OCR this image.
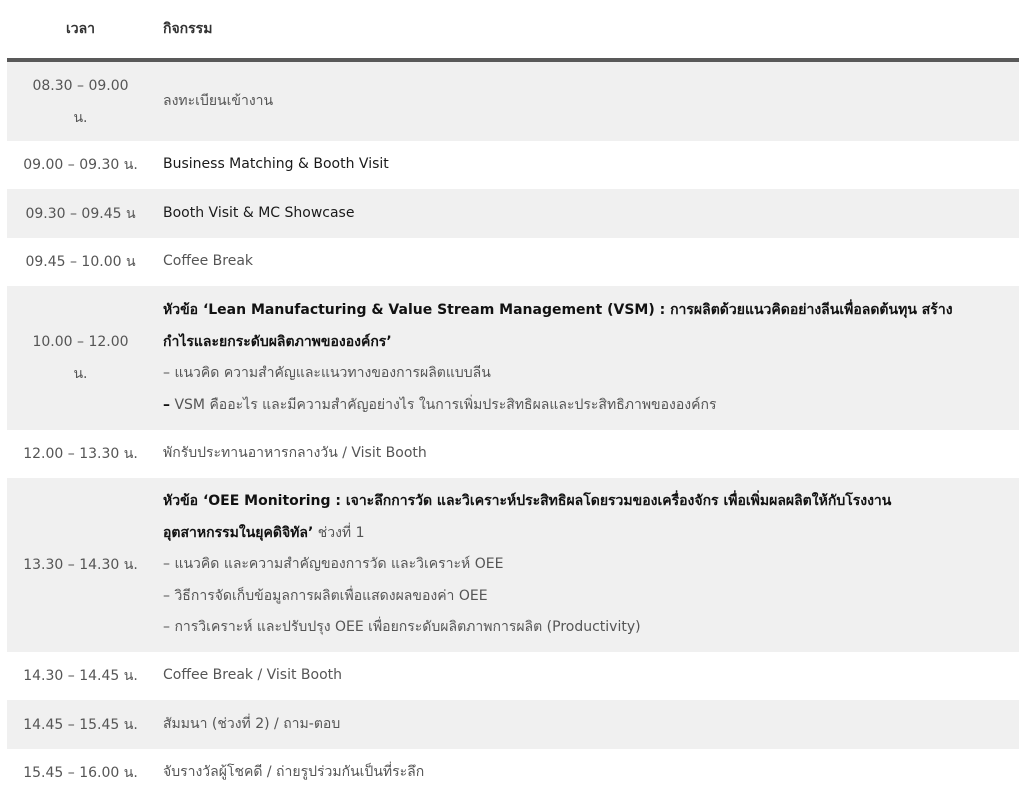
เวลา	กิจกรรม

08.30 – 09.00
น.	ลงทะเบียนเข้างาน
09.00 – 09.30 น.	Business Matching & Booth Visit
09.30 – 09.45 น	Booth Visit & MC Showcase
09.45 – 10.00 น	Coffee Break

10.00 – 12.00
น.	หัวข้อ ‘Lean Manufacturing & Value Stream Management (VSM) : การผลิตด้วยแนวคิดอย่างลีนเพื่อลดต้นทุน สร้าง
กำไรและยกระดับผลิตภาพขององค์กร’
– แนวคิด ความสำคัญและแนวทางของการผลิตแบบลีน
– VSM คืออะไร และมีความสำคัญอย่างไร ในการเพิ่มประสิทธิผลและประสิทธิภาพขององค์กร

12.00 – 13.30 น.	พักรับประทานอาหารกลางวัน / Visit Booth
13.30 – 14.30 น.	หัวข้อ ‘OEE Monitoring : เจาะลึกการวัด และวิเคราะห์ประสิทธิผลโดยรวมของเครื่องจักร เพื่อเพิ่มผลผลิตให้กับโรงงาน
อุตสาหกรรมในยุคดิจิทัล’ ช่วงที่ 1
– แนวคิด และความสำคัญของการวัด และวิเคราะห์ OEE
– วิธีการจัดเก็บข้อมูลการผลิตเพื่อแสดงผลของค่า OEE
– การวิเคราะห์ และปรับปรุง OEE เพื่อยกระดับผลิตภาพการผลิต (Productivity)

14.30 – 14.45 น.	Coffee Break / Visit Booth
14.45 – 15.45 น.	สัมมนา (ช่วงที่ 2) / ถาม-ตอบ
15.45 – 16.00 น.	จับรางวัลผู้โชคดี / ถ่ายรูปร่วมกันเป็นที่ระลึก
